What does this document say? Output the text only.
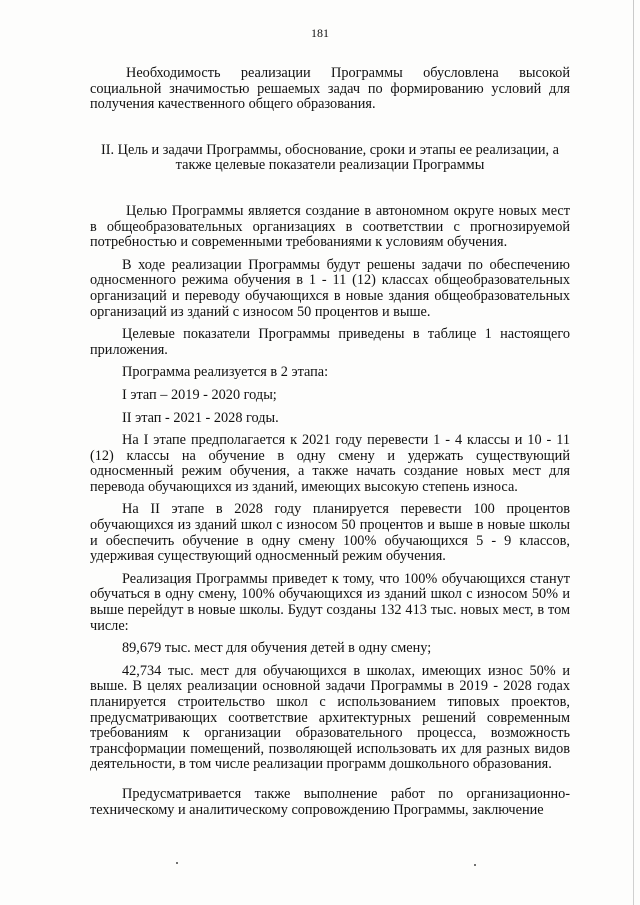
181

Необходимость реализации Программы обусловлена высокой социальной значимостью решаемых задач по формированию условий для получения качественного общего образования.

II. Цель и задачи Программы, обоснование, сроки и этапы ее реализации, а также целевые показатели реализации Программы

Целью Программы является создание в автономном округе новых мест в общеобразовательных организациях в соответствии с прогнозируемой потребностью и современными требованиями к условиям обучения.

В ходе реализации Программы будут решены задачи по обеспечению односменного режима обучения в 1 - 11 (12) классах общеобразовательных организаций и переводу обучающихся в новые здания общеобразовательных организаций из зданий с износом 50 процентов и выше.

Целевые показатели Программы приведены в таблице 1 настоящего приложения.

Программа реализуется в 2 этапа:

I этап – 2019 - 2020 годы;

II этап - 2021 - 2028 годы.

На I этапе предполагается к 2021 году перевести 1 - 4 классы и 10 - 11 (12) классы на обучение в одну смену и удержать существующий односменный режим обучения, а также начать создание новых мест для перевода обучающихся из зданий, имеющих высокую степень износа.

На II этапе в 2028 году планируется перевести 100 процентов обучающихся из зданий школ с износом 50 процентов и выше в новые школы и обеспечить обучение в одну смену 100% обучающихся 5 - 9 классов, удерживая существующий односменный режим обучения.

Реализация Программы приведет к тому, что 100% обучающихся станут обучаться в одну смену, 100% обучающихся из зданий школ с износом 50% и выше перейдут в новые школы. Будут созданы 132 413 тыс. новых мест, в том числе:

89,679 тыс. мест для обучения детей в одну смену;

42,734 тыс. мест для обучающихся в школах, имеющих износ 50% и выше. В целях реализации основной задачи Программы в 2019 - 2028 годах планируется строительство школ с использованием типовых проектов, предусматривающих соответствие архитектурных решений современным требованиям к организации образовательного процесса, возможность трансформации помещений, позволяющей использовать их для разных видов деятельности, в том числе реализации программ дошкольного образования.

Предусматривается также выполнение работ по организационно-техническому и аналитическому сопровождению Программы, заключение
